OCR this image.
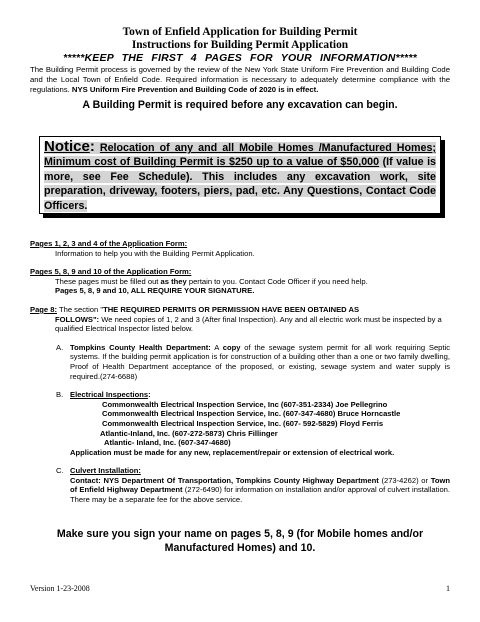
Town of Enfield Application for Building Permit
Instructions for Building Permit Application
*****KEEP THE FIRST 4 PAGES FOR YOUR INFORMATION*****
The Building Permit process is governed by the review of the New York State Uniform Fire Prevention and Building Code and the Local Town of Enfield Code. Required information is necessary to adequately determine compliance with the regulations. NYS Uniform Fire Prevention and Building Code of 2020 is in effect.
A Building Permit is required before any excavation can begin.
Notice: Relocation of any and all Mobile Homes /Manufactured Homes; Minimum cost of Building Permit is $250 up to a value of $50,000 (If value is more, see Fee Schedule). This includes any excavation work, site preparation, driveway, footers, piers, pad, etc. Any Questions, Contact Code Officers.
Pages 1, 2, 3 and 4 of the Application Form:
Information to help you with the Building Permit Application.
Pages 5, 8, 9 and 10 of the Application Form:
These pages must be filled out as they pertain to you. Contact Code Officer if you need help.
Pages 5, 8, 9 and 10, ALL REQUIRE YOUR SIGNATURE.
Page 8: The section "THE REQUIRED PERMITS OR PERMISSION HAVE BEEN OBTAINED AS
FOLLOWS": We need copies of 1, 2 and 3 (After final Inspection). Any and all electric work must be inspected by a qualified Electrical Inspector listed below.
A. Tompkins County Health Department: A copy of the sewage system permit for all work requiring Septic systems. If the building permit application is for construction of a building other than a one or two family dwelling, Proof of Health Department acceptance of the proposed, or existing, sewage system and water supply is required.(274-6688)
B. Electrical Inspections:
Commonwealth Electrical Inspection Service, Inc (607-351-2334) Joe Pellegrino
Commonwealth Electrical Inspection Service, Inc. (607-347-4680) Bruce Horncastle
Commonwealth Electrical Inspection Service, Inc. (607- 592-5829) Floyd Ferris
Atlantic-Inland, Inc. (607-272-5873) Chris Fillinger
Atlantic- Inland, Inc. (607-347-4680)
Application must be made for any new, replacement/repair or extension of electrical work.
C. Culvert Installation:
Contact: NYS Department Of Transportation, Tompkins County Highway Department (273-4262) or Town of Enfield Highway Department (272-6490) for information on installation and/or approval of culvert installation. There may be a separate fee for the above service.
Make sure you sign your name on pages 5, 8, 9 (for Mobile homes and/or Manufactured Homes) and 10.
Version 1-23-2008	1
